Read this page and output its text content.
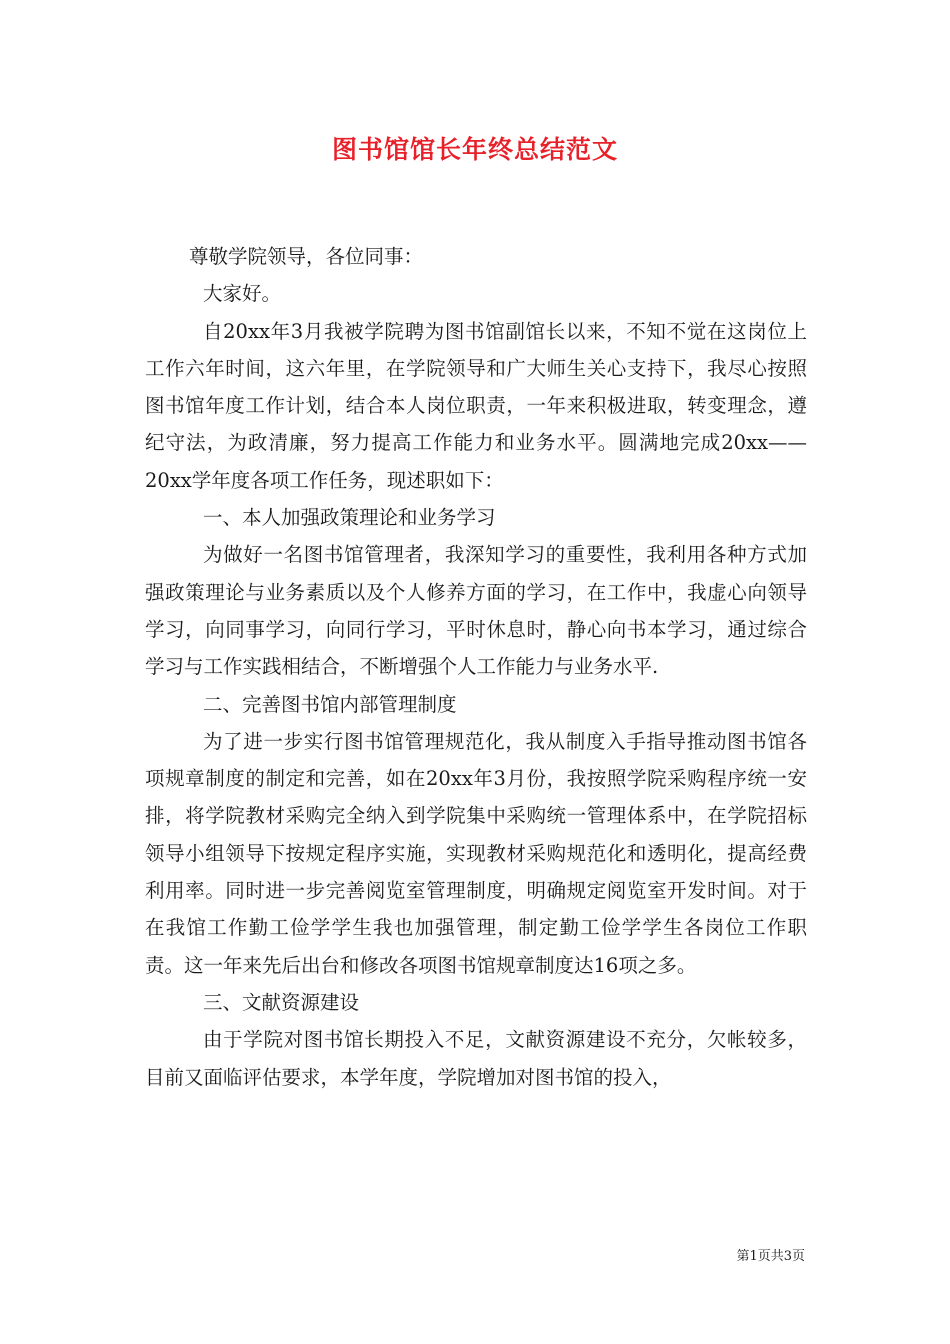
图书馆馆长年终总结范文

尊敬学院领导，各位同事：

大家好。

自20xx年3月我被学院聘为图书馆副馆长以来，不知不觉在这岗位上工作六年时间，这六年里，在学院领导和广大师生关心支持下，我尽心按照图书馆年度工作计划，结合本人岗位职责，一年来积极进取，转变理念，遵纪守法，为政清廉，努力提高工作能力和业务水平。圆满地完成20xx——20xx学年度各项工作任务，现述职如下：

一、本人加强政策理论和业务学习

为做好一名图书馆管理者，我深知学习的重要性，我利用各种方式加强政策理论与业务素质以及个人修养方面的学习，在工作中，我虚心向领导学习，向同事学习，向同行学习，平时休息时，静心向书本学习，通过综合学习与工作实践相结合，不断增强个人工作能力与业务水平.

二、完善图书馆内部管理制度

为了进一步实行图书馆管理规范化，我从制度入手指导推动图书馆各项规章制度的制定和完善，如在20xx年3月份，我按照学院采购程序统一安排，将学院教材采购完全纳入到学院集中采购统一管理体系中，在学院招标领导小组领导下按规定程序实施，实现教材采购规范化和透明化，提高经费利用率。同时进一步完善阅览室管理制度，明确规定阅览室开发时间。对于在我馆工作勤工俭学学生我也加强管理，制定勤工俭学学生各岗位工作职责。这一年来先后出台和修改各项图书馆规章制度达16项之多。

三、文献资源建设

由于学院对图书馆长期投入不足，文献资源建设不充分，欠帐较多，目前又面临评估要求，本学年度，学院增加对图书馆的投入，

第1页共3页
